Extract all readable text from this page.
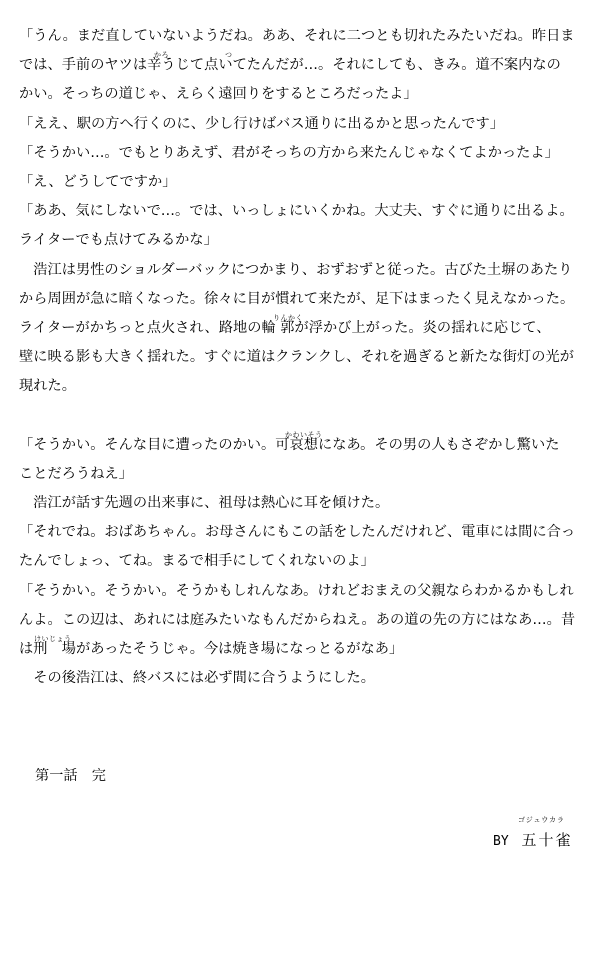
「うん。まだ直していないようだね。ああ、それに二つとも切れたみたいだね。昨日ま
では、手前のヤツは辛うじて点いてたんだが…。それにしても、きみ。道不案内なの
かろ	つ
かい。そっちの道じゃ、えらく遠回りをするところだったよ」
「ええ、駅の方へ行くのに、少し行けばバス通りに出るかと思ったんです」
「そうかい…。でもとりあえず、君がそっちの方から来たんじゃなくてよかったよ」
「え、どうしてですか」
「ああ、気にしないで…。では、いっしょにいくかね。大丈夫、すぐに通りに出るよ。
ライターでも点けてみるかな」
　浩江は男性のショルダーバックにつかまり、おずおずと従った。古びた土塀のあたり
から周囲が急に暗くなった。徐々に目が慣れて来たが、足下はまったく見えなかった。
ライターがかちっと点火され、路地の輪 郭が浮かび上がった。炎の揺れに応じて、
りんかく
壁に映る影も大きく揺れた。すぐに道はクランクし、それを過ぎると新たな街灯の光が
現れた。
「そうかい。そんな目に遭ったのかい。可哀想になあ。その男の人もさぞかし驚いた
かわいそう
ことだろうねえ」
　浩江が話す先週の出来事に、祖母は熱心に耳を傾けた。
「それでね。おばあちゃん。お母さんにもこの話をしたんだけれど、電車には間に合っ
たんでしょっ、てね。まるで相手にしてくれないのよ」
「そうかい。そうかい。そうかもしれんなあ。けれどおまえの父親ならわかるかもしれ
んよ。この辺は、あれには庭みたいなもんだからねえ。あの道の先の方にはなあ…。昔
は刑　場があったそうじゃ。今は焼き場になっとるがなあ」
けいじょう
　その後浩江は、終バスには必ず間に合うようにした。
第一話　完
ゴジュウカラ
BY 五十雀
